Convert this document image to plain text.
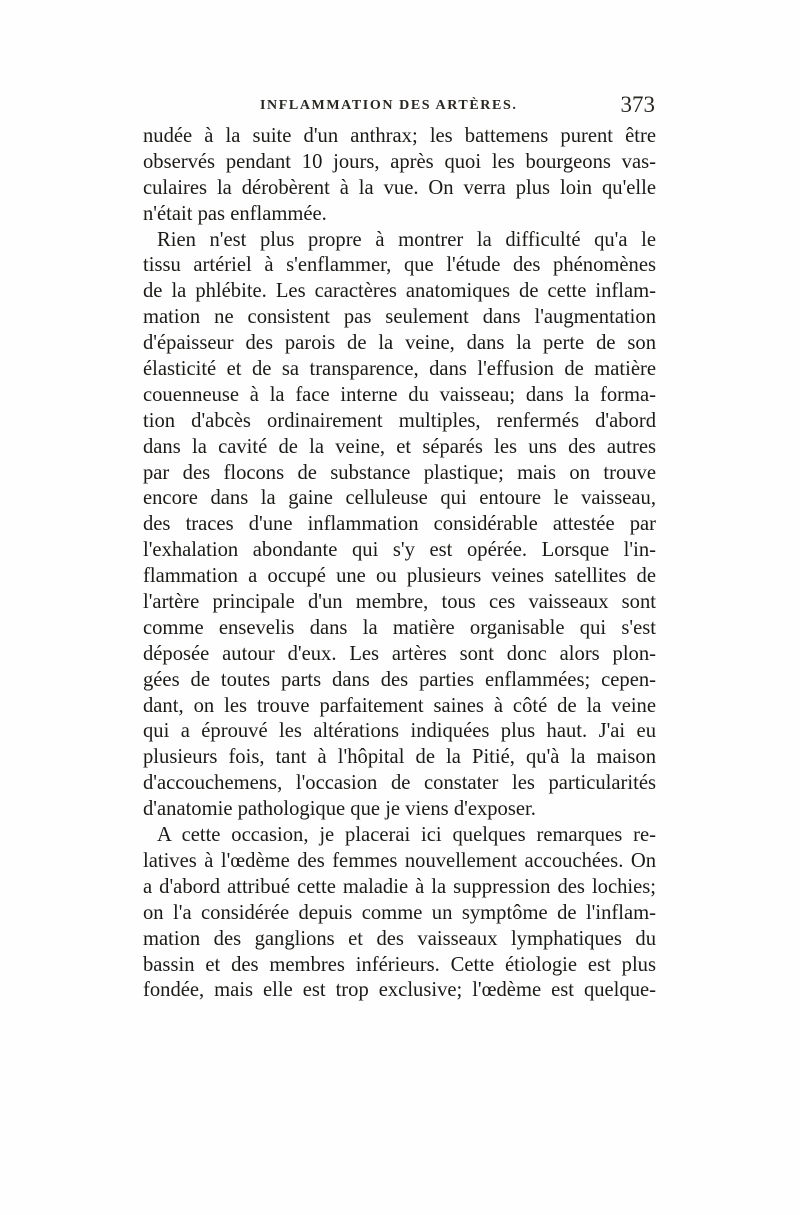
INFLAMMATION DES ARTÈRES.	373
nudée à la suite d'un anthrax; les battemens purent être
observés pendant 10 jours, après quoi les bourgeons vas-
culaires la dérobèrent à la vue. On verra plus loin qu'elle
n'était pas enflammée.
Rien n'est plus propre à montrer la difficulté qu'a le
tissu artériel à s'enflammer, que l'étude des phénomènes
de la phlébite. Les caractères anatomiques de cette inflam-
mation ne consistent pas seulement dans l'augmentation
d'épaisseur des parois de la veine, dans la perte de son
élasticité et de sa transparence, dans l'effusion de matière
couenneuse à la face interne du vaisseau; dans la forma-
tion d'abcès ordinairement multiples, renfermés d'abord
dans la cavité de la veine, et séparés les uns des autres
par des flocons de substance plastique; mais on trouve
encore dans la gaine celluleuse qui entoure le vaisseau,
des traces d'une inflammation considérable attestée par
l'exhalation abondante qui s'y est opérée. Lorsque l'in-
flammation a occupé une ou plusieurs veines satellites de
l'artère principale d'un membre, tous ces vaisseaux sont
comme ensevelis dans la matière organisable qui s'est
déposée autour d'eux. Les artères sont donc alors plon-
gées de toutes parts dans des parties enflammées; cepen-
dant, on les trouve parfaitement saines à côté de la veine
qui a éprouvé les altérations indiquées plus haut. J'ai eu
plusieurs fois, tant à l'hôpital de la Pitié, qu'à la maison
d'accouchemens, l'occasion de constater les particularités
d'anatomie pathologique que je viens d'exposer.
A cette occasion, je placerai ici quelques remarques re-
latives à l'œdème des femmes nouvellement accouchées. On
a d'abord attribué cette maladie à la suppression des lochies;
on l'a considérée depuis comme un symptôme de l'inflam-
mation des ganglions et des vaisseaux lymphatiques du
bassin et des membres inférieurs. Cette étiologie est plus
fondée, mais elle est trop exclusive; l'œdème est quelque-
